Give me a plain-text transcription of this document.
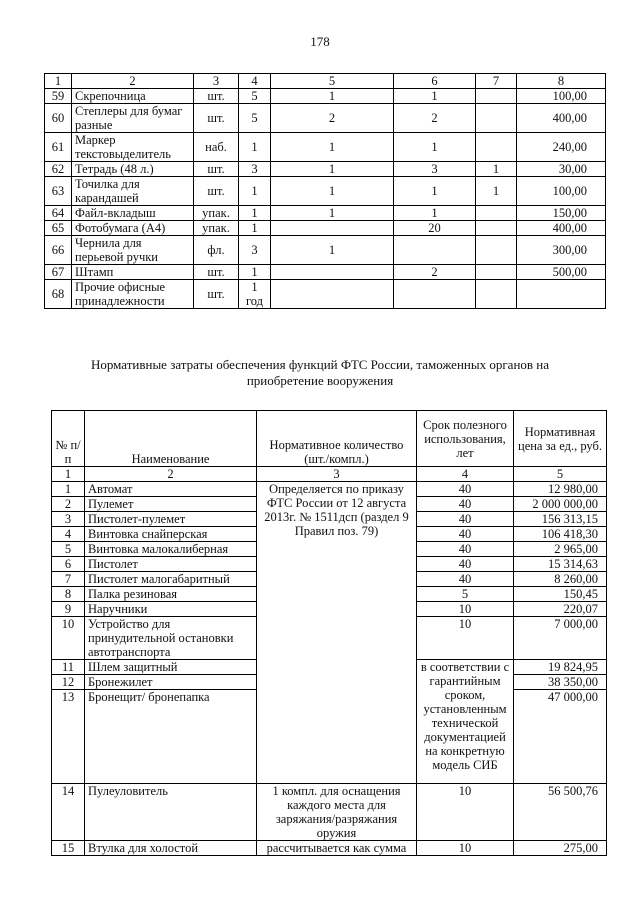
178
1	2	3	4	5	6	7	8
59	Скрепочница	шт.	5	1	1		100,00
60	Степлеры для бумаг разные	шт.	5	2	2		400,00
61	Маркер текстовыделитель	наб.	1	1	1		240,00
62	Тетрадь (48 л.)	шт.	3	1	3	1	30,00
63	Точилка для карандашей	шт.	1	1	1	1	100,00
64	Файл-вкладыш	упак.	1	1	1		150,00
65	Фотобумага (А4)	упак.	1		20		400,00
66	Чернила для перьевой ручки	фл.	3	1			300,00
67	Штамп	шт.	1		2		500,00
68	Прочие офисные принадлежности	шт.	1 год				
Нормативные затраты обеспечения функций ФТС России, таможенных органов на приобретение вооружения
№ п/п	Наименование	Нормативное количество (шт./компл.)	Срок полезного использования, лет	Нормативная цена за ед., руб.
1	2	3	4	5
1	Автомат	Определяется по приказу ФТС России от 12 августа 2013г. № 1511дсп (раздел 9 Правил поз. 79)	40	12 980,00
2	Пулемет		40	2 000 000,00
3	Пистолет-пулемет		40	156 313,15
4	Винтовка снайперская		40	106 418,30
5	Винтовка малокалиберная		40	2 965,00
6	Пистолет		40	15 314,63
7	Пистолет малогабаритный		40	8 260,00
8	Палка резиновая		5	150,45
9	Наручники		10	220,07
10	Устройство для принудительной остановки автотранспорта		10	7 000,00
11	Шлем защитный		в соответствии с гарантийным сроком, установленным технической документацией на конкретную модель СИБ	19 824,95
12	Бронежилет			38 350,00
13	Бронещит/ бронепапка			47 000,00
14	Пулеуловитель	1 компл. для оснащения каждого места для заряжания/разряжания оружия	10	56 500,76
15	Втулка для холостой	рассчитывается как сумма	10	275,00
